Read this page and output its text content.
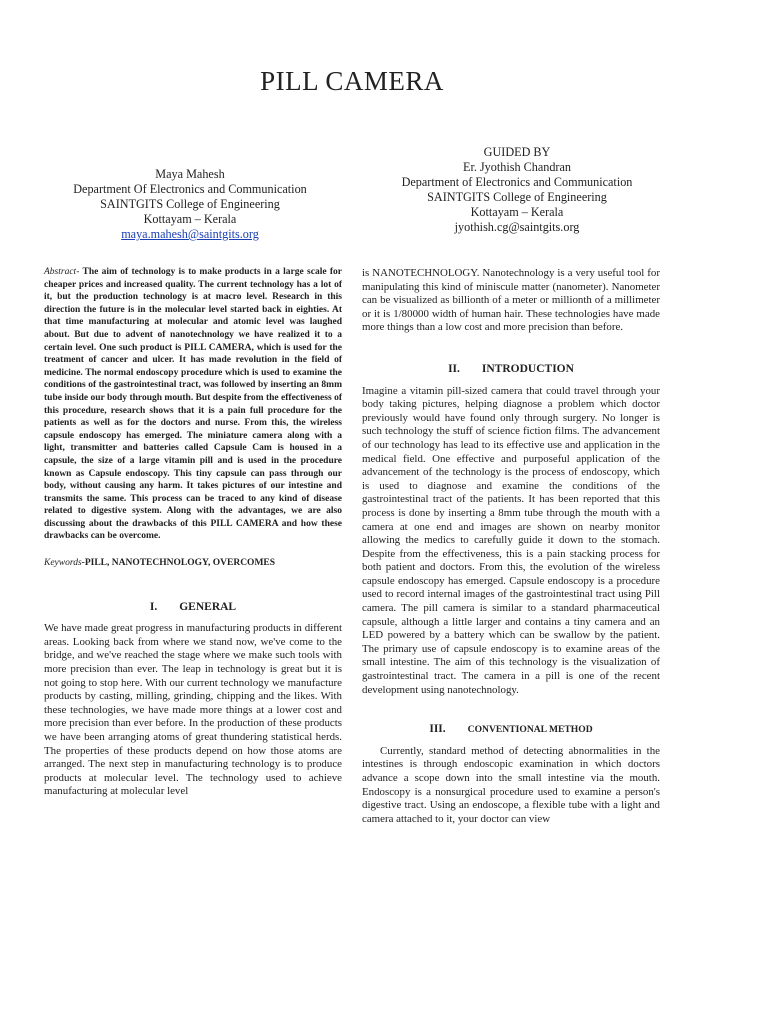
PILL CAMERA
Maya Mahesh
Department Of Electronics and Communication
SAINTGITS College of Engineering
Kottayam – Kerala
maya.mahesh@saintgits.org
GUIDED BY
Er. Jyothish Chandran
Department of Electronics and Communication
SAINTGITS College of Engineering
Kottayam – Kerala
jyothish.cg@saintgits.org

Abstract- The aim of technology is to make products in a large scale for cheaper prices and increased quality. The current technology has a lot of it, but the production technology is at macro level. Research in this direction the future is in the molecular level started back in eighties. At that time manufacturing at molecular and atomic level was laughed about. But due to advent of nanotechnology we have realized it to a certain level. One such product is PILL CAMERA, which is used for the treatment of cancer and ulcer. It has made revolution in the field of medicine. The normal endoscopy procedure which is used to examine the conditions of the gastrointestinal tract, was followed by inserting an 8mm tube inside our body through mouth. But despite from the effectiveness of this procedure, research shows that it is a pain full procedure for the patients as well as for the doctors and nurse. From this, the wireless capsule endoscopy has emerged. The miniature camera along with a light, transmitter and batteries called Capsule Cam is housed in a capsule, the size of a large vitamin pill and is used in the procedure known as Capsule endoscopy. This tiny capsule can pass through our body, without causing any harm. It takes pictures of our intestine and transmits the same. This process can be traced to any kind of disease related to digestive system. Along with the advantages, we are also discussing about the drawbacks of this PILL CAMERA and how these drawbacks can be overcome.

Keywords-PILL, NANOTECHNOLOGY, OVERCOMES

I. GENERAL

We have made great progress in manufacturing products in different areas. Looking back from where we stand now, we've come to the bridge, and we've reached the stage where we make such tools with more precision than ever. The leap in technology is great but it is not going to stop here. With our current technology we manufacture products by casting, milling, grinding, chipping and the likes. With these technologies, we have made more things at a lower cost and more precision than ever before. In the production of these products we have been arranging atoms of great thundering statistical herds. The properties of these products depend on how those atoms are arranged. The next step in manufacturing technology is to produce products at molecular level. The technology used to achieve manufacturing at molecular level

is NANOTECHNOLOGY. Nanotechnology is a very useful tool for manipulating this kind of miniscule matter (nanometer). Nanometer can be visualized as billionth of a meter or millionth of a millimeter or it is 1/80000 width of human hair. These technologies have made more things than a low cost and more precision than before.

II. INTRODUCTION

Imagine a vitamin pill-sized camera that could travel through your body taking pictures, helping diagnose a problem which doctor previously would have found only through surgery. No longer is such technology the stuff of science fiction films. The advancement of our technology has lead to its effective use and application in the medical field. One effective and purposeful application of the advancement of the technology is the process of endoscopy, which is used to diagnose and examine the conditions of the gastrointestinal tract of the patients. It has been reported that this process is done by inserting a 8mm tube through the mouth with a camera at one end and images are shown on nearby monitor allowing the medics to carefully guide it down to the stomach. Despite from the effectiveness, this is a pain stacking process for both patient and doctors. From this, the evolution of the wireless capsule endoscopy has emerged. Capsule endoscopy is a procedure used to record internal images of the gastrointestinal tract using Pill camera. The pill camera is similar to a standard pharmaceutical capsule, although a little larger and contains a tiny camera and an LED powered by a battery which can be swallow by the patient. The primary use of capsule endoscopy is to examine areas of the small intestine. The aim of this technology is the visualization of gastrointestinal tract. The camera in a pill is one of the recent development using nanotechnology.

III. CONVENTIONAL METHOD

Currently, standard method of detecting abnormalities in the intestines is through endoscopic examination in which doctors advance a scope down into the small intestine via the mouth. Endoscopy is a nonsurgical procedure used to examine a person's digestive tract. Using an endoscope, a flexible tube with a light and camera attached to it, your doctor can view
